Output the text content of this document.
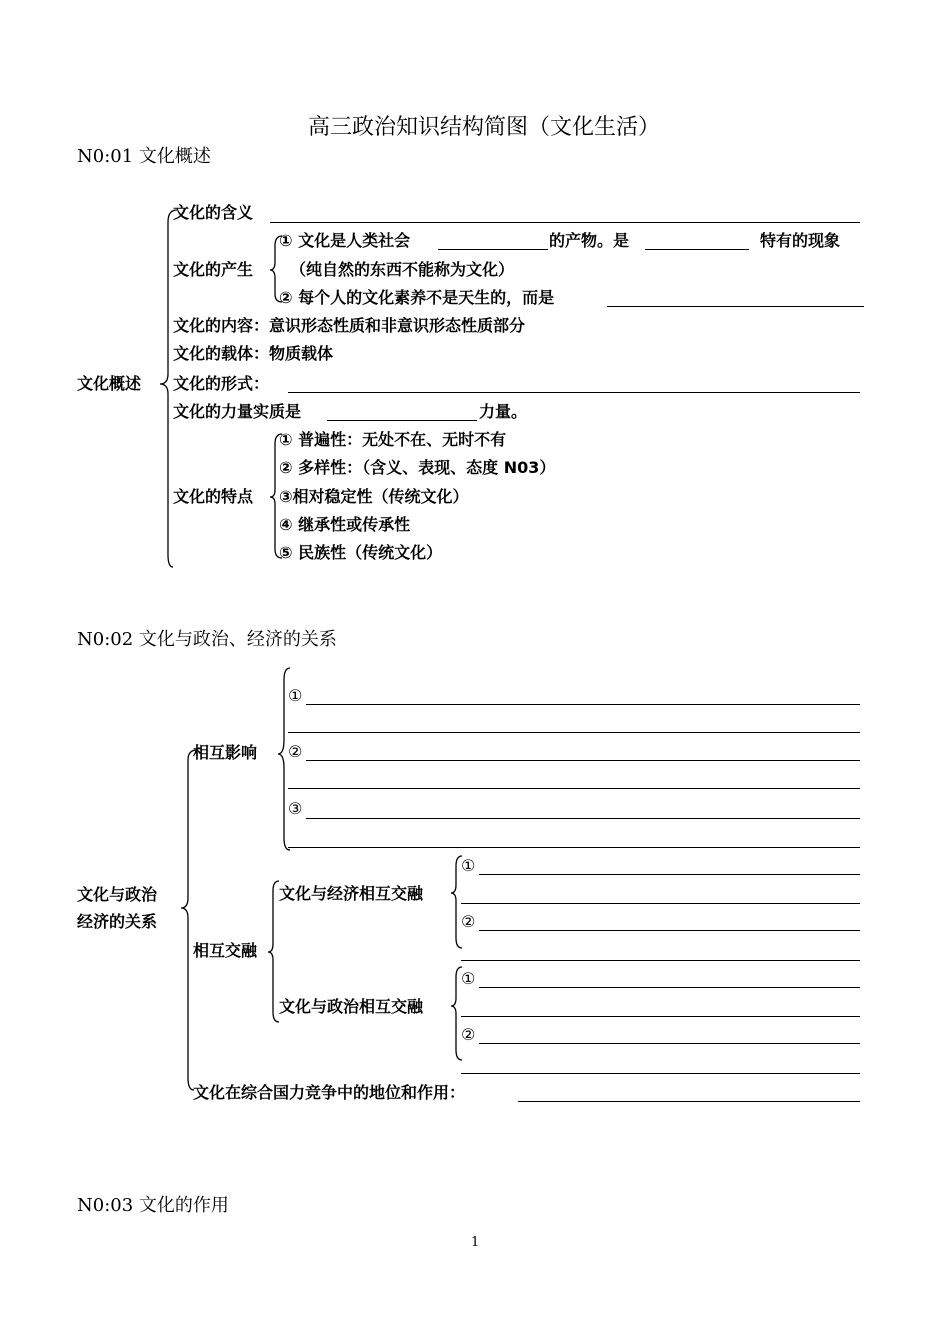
高三政治知识结构简图（文化生活）
N0:01 文化概述
文化概述
文化的含义
文化的产生
① 文化是人类社会	的产物。是	特有的现象
（纯自然的东西不能称为文化）
② 每个人的文化素养不是天生的，而是
文化的内容：意识形态性质和非意识形态性质部分
文化的载体：物质载体
文化的形式：
文化的力量实质是	力量。
文化的特点
① 普遍性：无处不在、无时不有
② 多样性：（含义、表现、态度 N03）
③相对稳定性（传统文化）
④ 继承性或传承性
⑤ 民族性（传统文化）
N0:02 文化与政治、经济的关系
文化与政治
经济的关系
相互影响
①
②
③
相互交融
文化与经济相互交融
①
②
文化与政治相互交融
①
②
文化在综合国力竞争中的地位和作用：
N0:03 文化的作用
1
